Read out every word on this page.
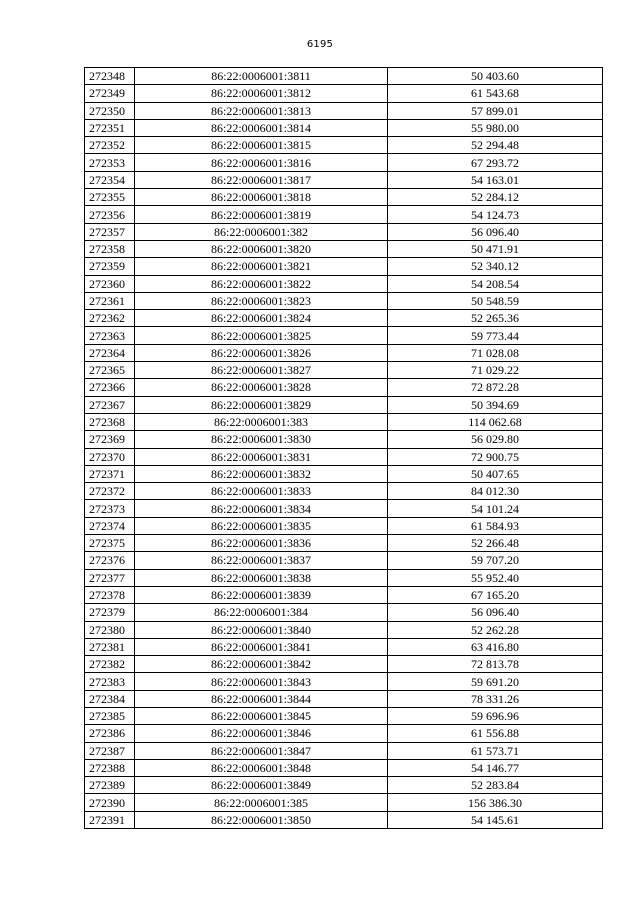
6195
272348	86:22:0006001:3811	50 403.60
272349	86:22:0006001:3812	61 543.68
272350	86:22:0006001:3813	57 899.01
272351	86:22:0006001:3814	55 980.00
272352	86:22:0006001:3815	52 294.48
272353	86:22:0006001:3816	67 293.72
272354	86:22:0006001:3817	54 163.01
272355	86:22:0006001:3818	52 284.12
272356	86:22:0006001:3819	54 124.73
272357	86:22:0006001:382	56 096.40
272358	86:22:0006001:3820	50 471.91
272359	86:22:0006001:3821	52 340.12
272360	86:22:0006001:3822	54 208.54
272361	86:22:0006001:3823	50 548.59
272362	86:22:0006001:3824	52 265.36
272363	86:22:0006001:3825	59 773.44
272364	86:22:0006001:3826	71 028.08
272365	86:22:0006001:3827	71 029.22
272366	86:22:0006001:3828	72 872.28
272367	86:22:0006001:3829	50 394.69
272368	86:22:0006001:383	114 062.68
272369	86:22:0006001:3830	56 029.80
272370	86:22:0006001:3831	72 900.75
272371	86:22:0006001:3832	50 407.65
272372	86:22:0006001:3833	84 012.30
272373	86:22:0006001:3834	54 101.24
272374	86:22:0006001:3835	61 584.93
272375	86:22:0006001:3836	52 266.48
272376	86:22:0006001:3837	59 707.20
272377	86:22:0006001:3838	55 952.40
272378	86:22:0006001:3839	67 165.20
272379	86:22:0006001:384	56 096.40
272380	86:22:0006001:3840	52 262.28
272381	86:22:0006001:3841	63 416.80
272382	86:22:0006001:3842	72 813.78
272383	86:22:0006001:3843	59 691.20
272384	86:22:0006001:3844	78 331.26
272385	86:22:0006001:3845	59 696.96
272386	86:22:0006001:3846	61 556.88
272387	86:22:0006001:3847	61 573.71
272388	86:22:0006001:3848	54 146.77
272389	86:22:0006001:3849	52 283.84
272390	86:22:0006001:385	156 386.30
272391	86:22:0006001:3850	54 145.61
